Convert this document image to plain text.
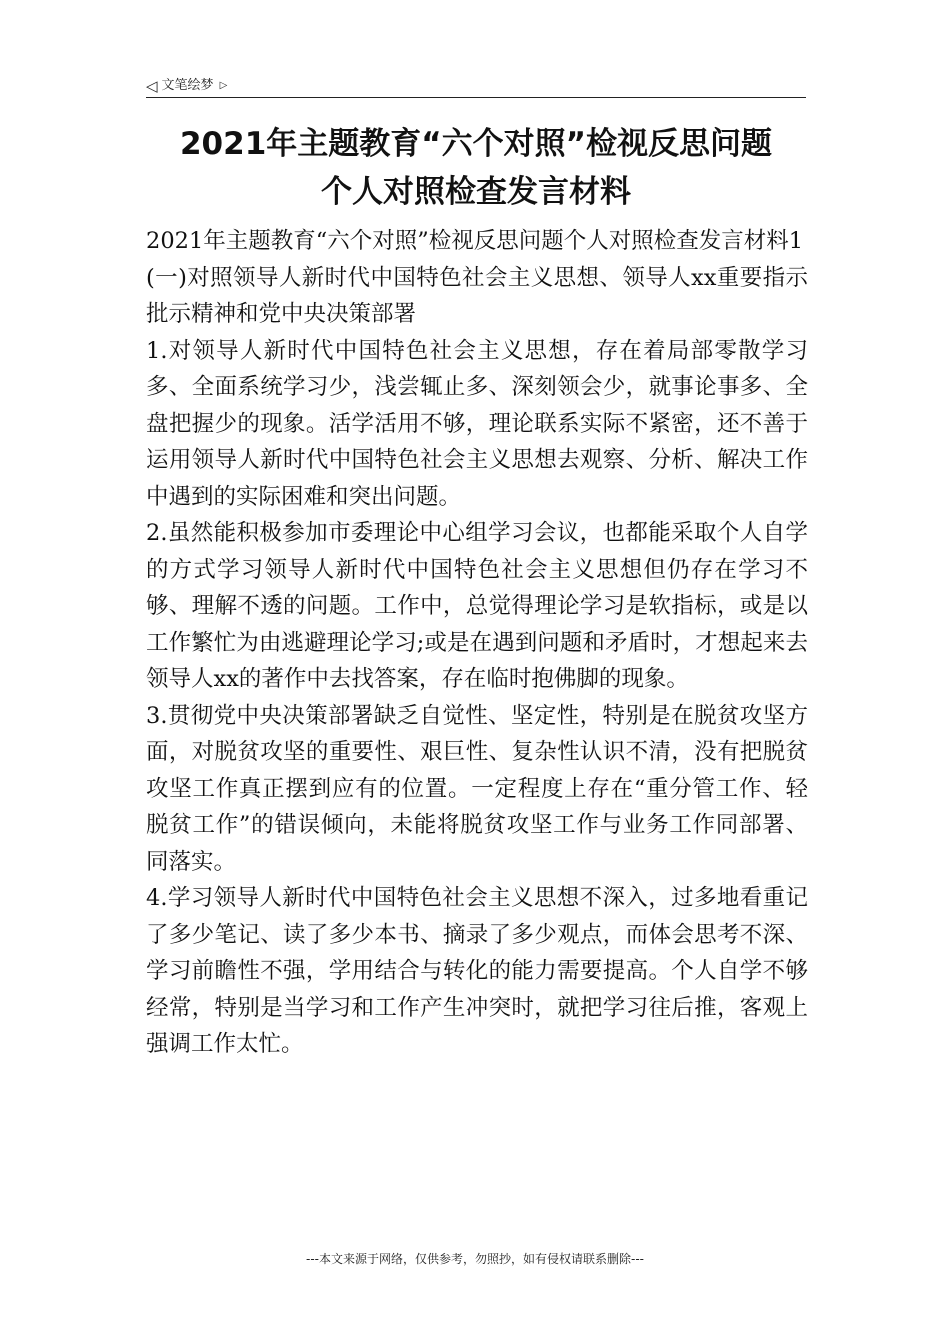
◁ 文笔绘梦 ▷
2021年主题教育“六个对照”检视反思问题
个人对照检查发言材料

2021年主题教育“六个对照”检视反思问题个人对照检查发言材料1

(一)对照领导人新时代中国特色社会主义思想、领导人xx重要指示批示精神和党中央决策部署

1.对领导人新时代中国特色社会主义思想，存在着局部零散学习多、全面系统学习少，浅尝辄止多、深刻领会少，就事论事多、全盘把握少的现象。活学活用不够，理论联系实际不紧密，还不善于运用领导人新时代中国特色社会主义思想去观察、分析、解决工作中遇到的实际困难和突出问题。

2.虽然能积极参加市委理论中心组学习会议，也都能采取个人自学的方式学习领导人新时代中国特色社会主义思想但仍存在学习不够、理解不透的问题。工作中，总觉得理论学习是软指标，或是以工作繁忙为由逃避理论学习;或是在遇到问题和矛盾时，才想起来去领导人xx的著作中去找答案，存在临时抱佛脚的现象。

3.贯彻党中央决策部署缺乏自觉性、坚定性，特别是在脱贫攻坚方面，对脱贫攻坚的重要性、艰巨性、复杂性认识不清，没有把脱贫攻坚工作真正摆到应有的位置。一定程度上存在“重分管工作、轻脱贫工作”的错误倾向，未能将脱贫攻坚工作与业务工作同部署、同落实。

4.学习领导人新时代中国特色社会主义思想不深入，过多地看重记了多少笔记、读了多少本书、摘录了多少观点，而体会思考不深、学习前瞻性不强，学用结合与转化的能力需要提高。个人自学不够经常，特别是当学习和工作产生冲突时，就把学习往后推，客观上强调工作太忙。

---本文来源于网络，仅供参考，勿照抄，如有侵权请联系删除---
